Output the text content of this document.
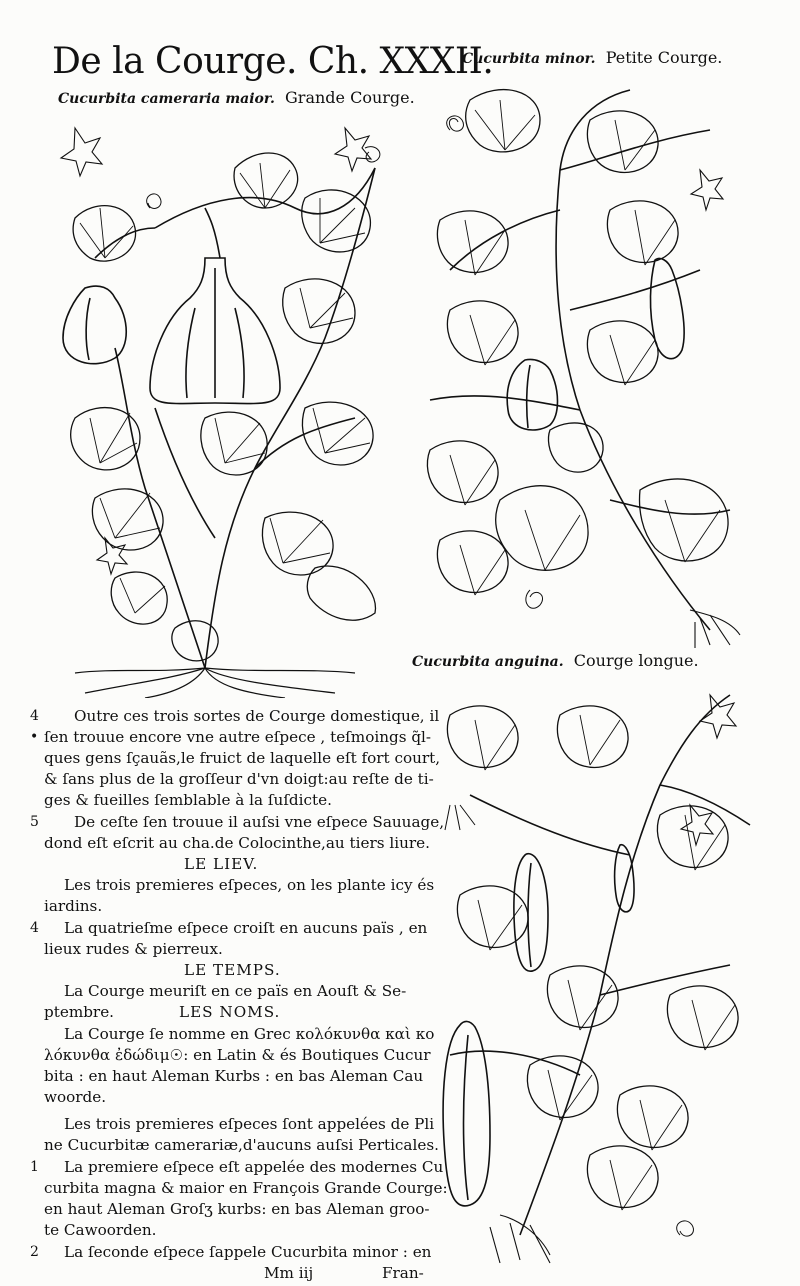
De la Courge. Ch. XXXII.
Cucurbita minor. Petite Courge.
Cucurbita cameraria maior. Grande Courge.
Cucurbita anguina. Courge longue.
4 Outre ces trois sortes de Courge domestique, il
• ſen trouue encore vne autre eſpece , teſmoings q̃l-
ques gens ſçauãs,le fruict de laquelle eſt fort court,
& ſans plus de la groſſeur d'vn doigt:au reſte de ti-
ges & fueilles ſemblable à la ſuſdicte.
5 De ceſte ſen trouue il auſsi vne eſpece Sauuage,
dond eſt eſcrit au cha.de Colocinthe,au tiers liure.
LE LIEV.
Les trois premieres eſpeces, on les plante icy és
iardins.
4 La quatrieſme eſpece croiſt en aucuns païs , en
lieux rudes & pierreux.
LE TEMPS.
La Courge meuriſt en ce païs en Aouſt & Se-
ptembre.	LES NOMS.
La Courge ſe nomme en Grec κολόκυνθα καὶ κο
λόκυνθα ἐδώδιμ☉: en Latin & és Boutiques Cucur
bita : en haut Aleman Kurbs : en bas Aleman Cau
woorde.
Les trois premieres eſpeces ſont appelées de Pli
ne Cucurbitæ camerariæ,d'aucuns auſsi Perticales.
1 La premiere eſpece eſt appelée des modernes Cu
curbita magna & maior en François Grande Courge:
en haut Aleman Groſʒ kurbs: en bas Aleman groo-
te Cawoorden.
2 La ſeconde eſpece ſappele Cucurbita minor : en
Mm iij	Fran-
